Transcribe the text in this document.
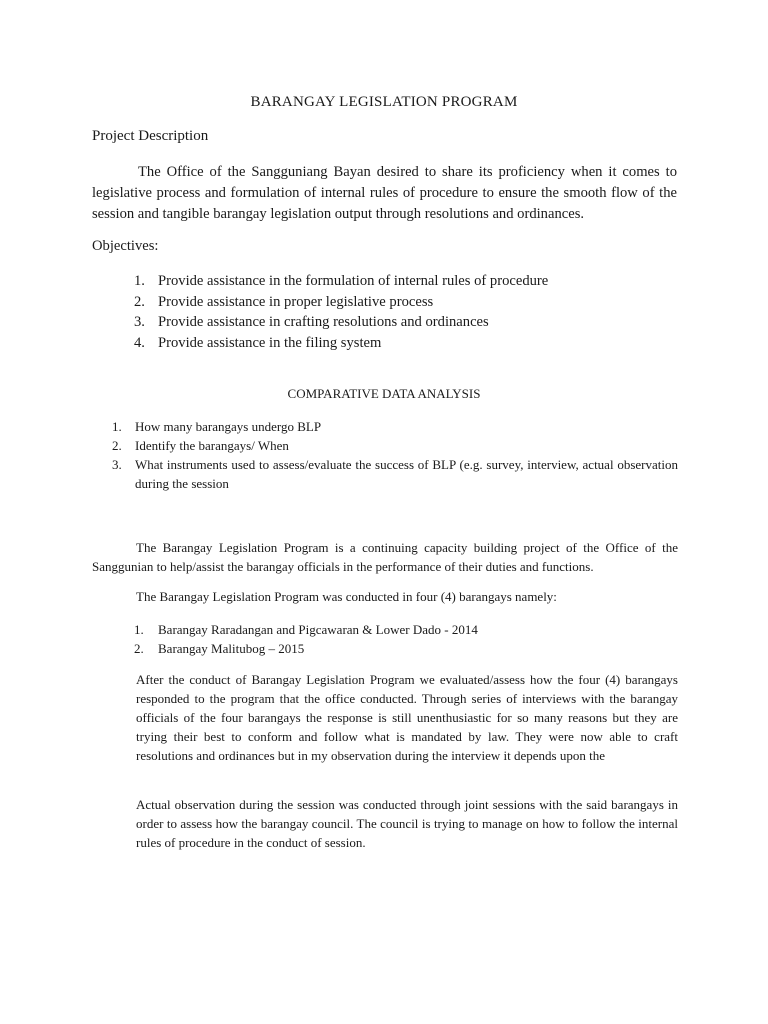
BARANGAY LEGISLATION PROGRAM
Project Description
The Office of the Sangguniang Bayan desired to share its proficiency when it comes to legislative process and formulation of internal rules of procedure to ensure the smooth flow of the session and tangible barangay legislation output through resolutions and ordinances.
Objectives:
1. Provide assistance in the formulation of internal rules of procedure
2. Provide assistance in proper legislative process
3. Provide assistance in crafting resolutions and ordinances
4. Provide assistance in the filing system
COMPARATIVE DATA ANALYSIS
1. How many barangays undergo BLP
2. Identify the barangays/ When
3. What instruments used to assess/evaluate the success of BLP (e.g. survey, interview, actual observation during the session
The Barangay Legislation Program is a continuing capacity building project of the Office of the Sanggunian to help/assist the barangay officials in the performance of their duties and functions.
The Barangay Legislation Program was conducted in four (4) barangays namely:
1. Barangay Raradangan and Pigcawaran & Lower Dado - 2014
2. Barangay Malitubog – 2015
After the conduct of Barangay Legislation Program we evaluated/assess how the four (4) barangays responded to the program that the office conducted. Through series of interviews with the barangay officials of the four barangays the response is still unenthusiastic for so many reasons but they are trying their best to conform and follow what is mandated by law. They were now able to craft resolutions and ordinances but in my observation during the interview it depends upon the
Actual observation during the session was conducted through joint sessions with the said barangays in order to assess how the barangay council. The council is trying to manage on how to follow the internal rules of procedure in the conduct of session.
